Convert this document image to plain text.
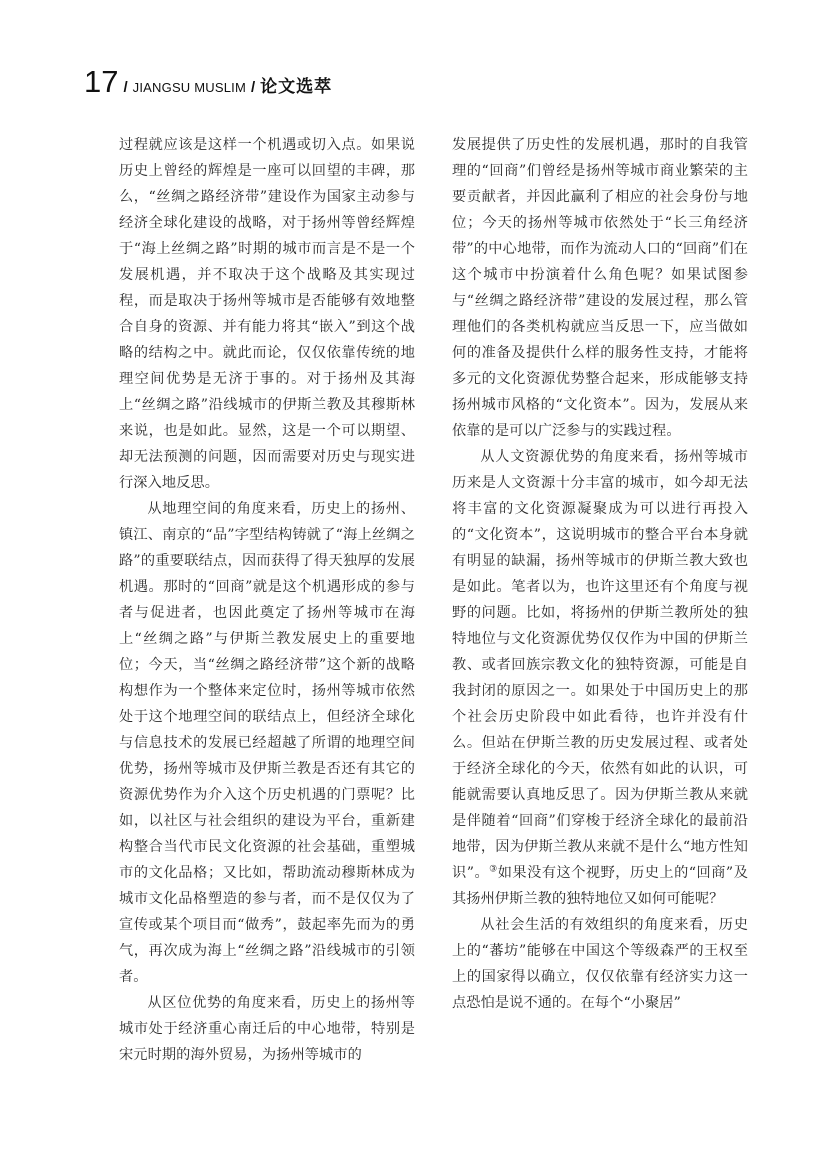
17 / JIANGSU MUSLIM / 论文选萃

过程就应该是这样一个机遇或切入点。如果说历史上曾经的辉煌是一座可以回望的丰碑，那么，“丝绸之路经济带”建设作为国家主动参与经济全球化建设的战略，对于扬州等曾经辉煌于“海上丝绸之路”时期的城市而言是不是一个发展机遇，并不取决于这个战略及其实现过程，而是取决于扬州等城市是否能够有效地整合自身的资源、并有能力将其“嵌入”到这个战略的结构之中。就此而论，仅仅依靠传统的地理空间优势是无济于事的。对于扬州及其海上“丝绸之路”沿线城市的伊斯兰教及其穆斯林来说，也是如此。显然，这是一个可以期望、却无法预测的问题，因而需要对历史与现实进行深入地反思。

从地理空间的角度来看，历史上的扬州、镇江、南京的“品”字型结构铸就了“海上丝绸之路”的重要联结点，因而获得了得天独厚的发展机遇。那时的“回商”就是这个机遇形成的参与者与促进者，也因此奠定了扬州等城市在海上“丝绸之路”与伊斯兰教发展史上的重要地位；今天，当“丝绸之路经济带”这个新的战略构想作为一个整体来定位时，扬州等城市依然处于这个地理空间的联结点上，但经济全球化与信息技术的发展已经超越了所谓的地理空间优势，扬州等城市及伊斯兰教是否还有其它的资源优势作为介入这个历史机遇的门票呢？比如，以社区与社会组织的建设为平台，重新建构整合当代市民文化资源的社会基础，重塑城市的文化品格；又比如，帮助流动穆斯林成为城市文化品格塑造的参与者，而不是仅仅为了宣传或某个项目而“做秀”，鼓起率先而为的勇气，再次成为海上“丝绸之路”沿线城市的引领者。

从区位优势的角度来看，历史上的扬州等城市处于经济重心南迁后的中心地带，特别是宋元时期的海外贸易，为扬州等城市的

发展提供了历史性的发展机遇，那时的自我管理的“回商”们曾经是扬州等城市商业繁荣的主要贡献者，并因此赢利了相应的社会身份与地位；今天的扬州等城市依然处于“长三角经济带”的中心地带，而作为流动人口的“回商”们在这个城市中扮演着什么角色呢？如果试图参与“丝绸之路经济带”建设的发展过程，那么管理他们的各类机构就应当反思一下，应当做如何的准备及提供什么样的服务性支持，才能将多元的文化资源优势整合起来，形成能够支持扬州城市风格的“文化资本”。因为，发展从来依靠的是可以广泛参与的实践过程。

从人文资源优势的角度来看，扬州等城市历来是人文资源十分丰富的城市，如今却无法将丰富的文化资源凝聚成为可以进行再投入的“文化资本”，这说明城市的整合平台本身就有明显的缺漏，扬州等城市的伊斯兰教大致也是如此。笔者以为，也许这里还有个角度与视野的问题。比如，将扬州的伊斯兰教所处的独特地位与文化资源优势仅仅作为中国的伊斯兰教、或者回族宗教文化的独特资源，可能是自我封闭的原因之一。如果处于中国历史上的那个社会历史阶段中如此看待，也许并没有什么。但站在伊斯兰教的历史发展过程、或者处于经济全球化的今天，依然有如此的认识，可能就需要认真地反思了。因为伊斯兰教从来就是伴随着“回商”们穿梭于经济全球化的最前沿地带，因为伊斯兰教从来就不是什么“地方性知识”。③如果没有这个视野，历史上的“回商”及其扬州伊斯兰教的独特地位又如何可能呢？

从社会生活的有效组织的角度来看，历史上的“蕃坊”能够在中国这个等级森严的王权至上的国家得以确立，仅仅依靠有经济实力这一点恐怕是说不通的。在每个“小聚居”
